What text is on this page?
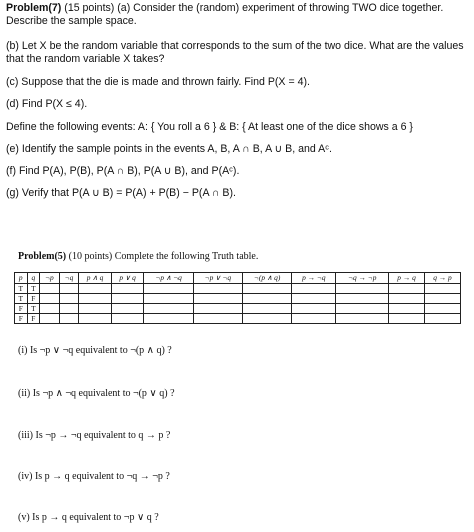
Problem(7) (15 points) (a) Consider the (random) experiment of throwing TWO dice together. Describe the sample space.
(b) Let X be the random variable that corresponds to the sum of the two dice. What are the values that the random variable X takes?
(c) Suppose that the die is made and thrown fairly. Find P(X = 4).
(d) Find P(X ≤ 4).
Define the following events: A: { You roll a 6 } & B: { At least one of the dice shows a 6 }
(e) Identify the sample points in the events A, B, A ∩ B, A ∪ B, and Aᶜ.
(f) Find P(A), P(B), P(A ∩ B), P(A ∪ B), and P(Aᶜ).
(g) Verify that P(A ∪ B) = P(A) + P(B) − P(A ∩ B).
Problem(5) (10 points) Complete the following Truth table.
p	q	¬p	¬q	p ∧ q	p ∨ q	¬p ∧ ¬q	¬p ∨ ¬q	¬(p ∧ q)	p → ¬q	¬q → ¬p	p → q	q → p
T	T											
T	F											
F	T											
F	F											
(i) Is ¬p ∨ ¬q equivalent to ¬(p ∧ q) ?
(ii) Is ¬p ∧ ¬q equivalent to ¬(p ∨ q) ?
(iii) Is ¬p → ¬q equivalent to q → p ?
(iv) Is p → q equivalent to ¬q → ¬p ?
(v) Is p → q equivalent to ¬p ∨ q ?
